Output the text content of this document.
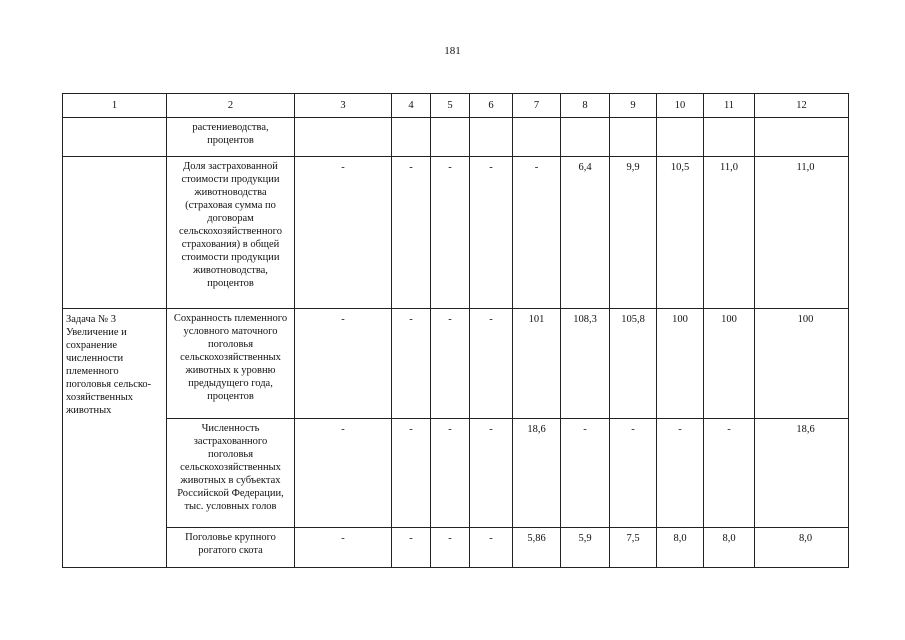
181
1	2	3	4	5	6	7	8	9	10	11	12
	растениеводства, процентов										
	Доля застрахованной стоимости продукции животноводства (страховая сумма по договорам сельскохозяйственного страхования) в общей стоимости продукции животноводства, процентов	-	-	-	-	-	6,4	9,9	10,5	11,0	11,0
Задача № 3 Увеличение и сохранение численности племенного поголовья сельско-хозяйственных животных	Сохранность племенного условного маточного поголовья сельскохозяйственных животных к уровню предыдущего года, процентов	-	-	-	-	101	108,3	105,8	100	100	100
	Численность застрахованного поголовья сельскохозяйственных животных в субъектах Российской Федерации, тыс. условных голов	-	-	-	-	18,6	-	-	-	-	18,6
	Поголовье крупного рогатого скота	-	-	-	-	5,86	5,9	7,5	8,0	8,0	8,0
